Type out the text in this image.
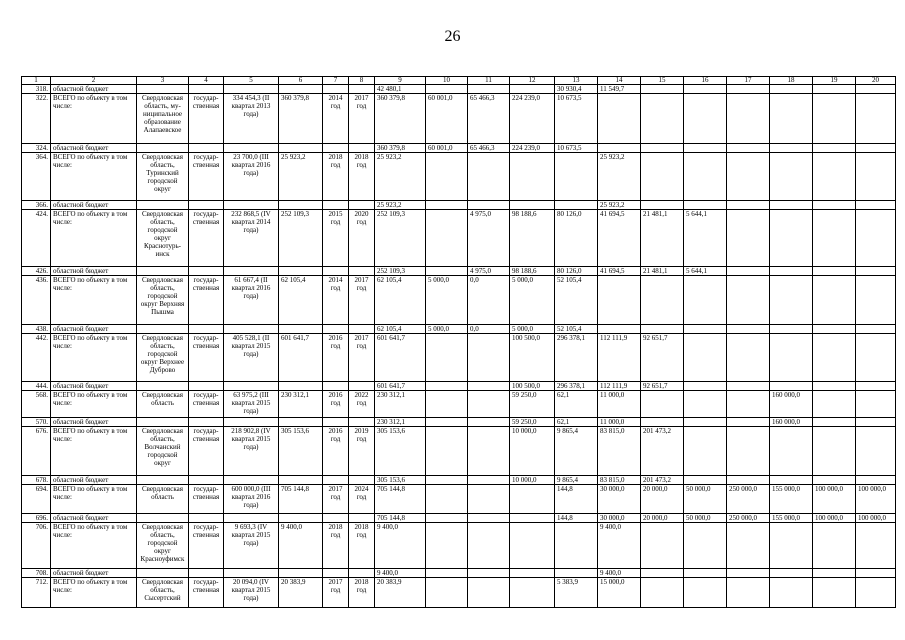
26
1	2	3	4	5	6	7	8	9	10	11	12	13	14	15	16	17	18	19	20
318.	областной бюджет							42 480,1				30 930,4	11 549,7						
322.	ВСЕГО по объекту в том числе:	Свердловская область, му- ниципальное образование Алапаевское	государ- ственная	334 454,3 (II квартал 2013 года)	360 379,8	2014 год	2017 год	360 379,8	60 001,0	65 466,3	224 239,0	10 673,5							
324.	областной бюджет							360 379,8	60 001,0	65 466,3	224 239,0	10 673,5							
364.	ВСЕГО по объекту в том числе:	Свердловская область, Туринский городской округ	государ- ственная	23 700,0 (III квартал 2016 года)	25 923,2	2018 год	2018 год	25 923,2					25 923,2						
366.	областной бюджет							25 923,2					25 923,2						
424.	ВСЕГО по объекту в том числе:	Свердловская область, городской округ Краснотурь- инск	государ- ственная	232 868,5 (IV квартал 2014 года)	252 109,3	2015 год	2020 год	252 109,3		4 975,0	98 188,6	80 126,0	41 694,5	21 481,1	5 644,1				
426.	областной бюджет							252 109,3		4 975,0	98 188,6	80 126,0	41 694,5	21 481,1	5 644,1				
436.	ВСЕГО по объекту в том числе:	Свердловская область, городской округ Верхняя Пышма	государ- ственная	61 667,4 (II квартал 2016 года)	62 105,4	2014 год	2017 год	62 105,4	5 000,0	0,0	5 000,0	52 105,4							
438.	областной бюджет							62 105,4	5 000,0	0,0	5 000,0	52 105,4							
442.	ВСЕГО по объекту в том числе:	Свердловская область, городской округ Верхнее Дуброво	государ- ственная	405 528,1 (II квартал 2015 года)	601 641,7	2016 год	2017 год	601 641,7			100 500,0	296 378,1	112 111,9	92 651,7					
444.	областной бюджет							601 641,7			100 500,0	296 378,1	112 111,9	92 651,7					
568.	ВСЕГО по объекту в том числе:	Свердловская область	государ- ственная	63 975,2 (III квартал 2015 года)	230 312,1	2016 год	2022 год	230 312,1			59 250,0	62,1	11 000,0				160 000,0		
570.	областной бюджет							230 312,1			59 250,0	62,1	11 000,0				160 000,0		
676.	ВСЕГО по объекту в том числе:	Свердловская область, Волчанский городской округ	государ- ственная	218 902,8 (IV квартал 2015 года)	305 153,6	2016 год	2019 год	305 153,6			10 000,0	9 865,4	83 815,0	201 473,2					
678.	областной бюджет							305 153,6			10 000,0	9 865,4	83 815,0	201 473,2					
694.	ВСЕГО по объекту в том числе:	Свердловская область	государ- ственная	600 000,0 (III квартал 2016 года)	705 144,8	2017 год	2024 год	705 144,8				144,8	30 000,0	20 000,0	50 000,0	250 000,0	155 000,0	100 000,0	100 000,0
696.	областной бюджет							705 144,8				144,8	30 000,0	20 000,0	50 000,0	250 000,0	155 000,0	100 000,0	100 000,0
706.	ВСЕГО по объекту в том числе:	Свердловская область, городской округ Красноуфимск	государ- ственная	9 693,3 (IV квартал 2015 года)	9 400,0	2018 год	2018 год	9 400,0					9 400,0						
708.	областной бюджет							9 400,0					9 400,0						
712.	ВСЕГО по объекту в том числе:	Свердловская область, Сысертский	государ- ственная	20 094,0 (IV квартал 2015 года)	20 383,9	2017 год	2018 год	20 383,9				5 383,9	15 000,0						
